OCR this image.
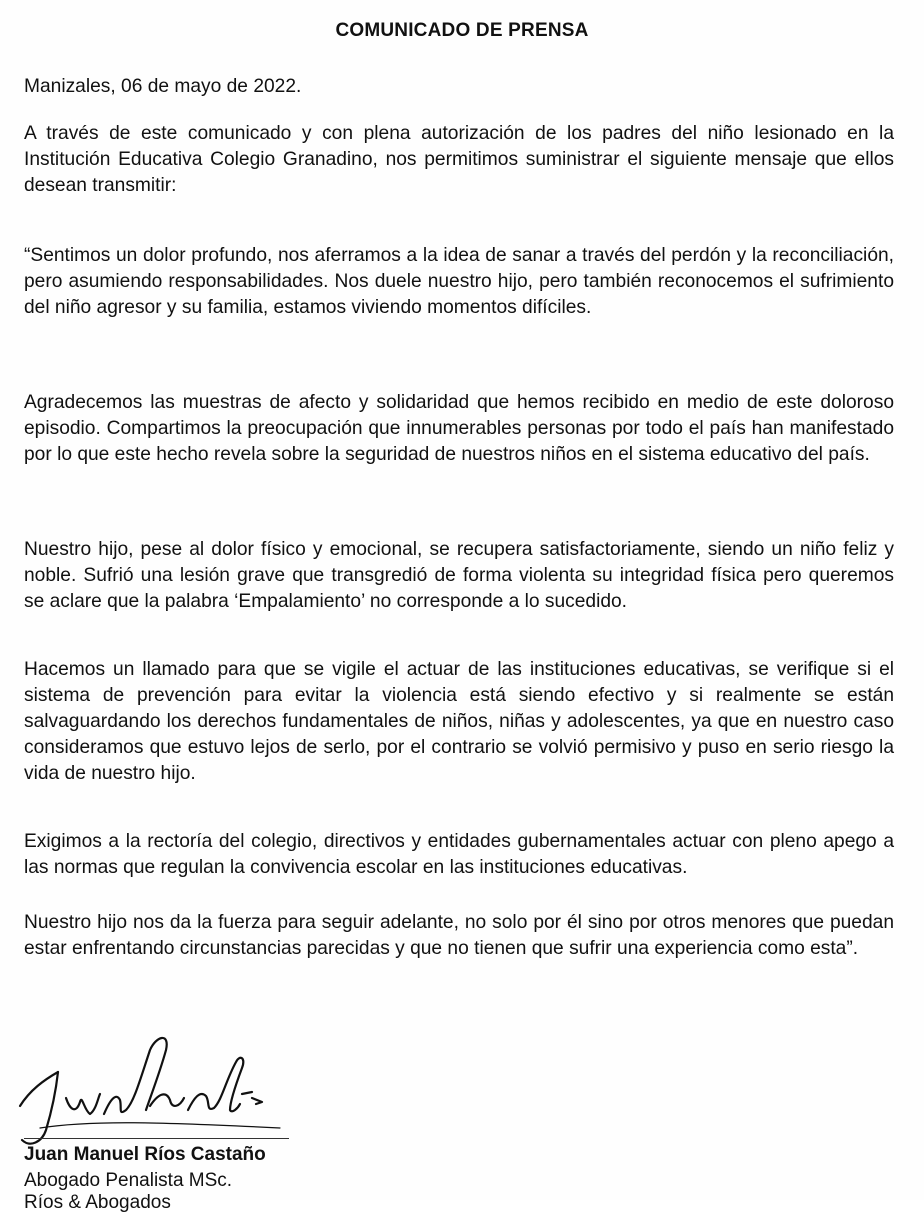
COMUNICADO DE PRENSA
Manizales, 06 de mayo de 2022.
A través de este comunicado y con plena autorización de los padres del niño lesionado en la Institución Educativa Colegio Granadino, nos permitimos suministrar el siguiente mensaje que ellos desean transmitir:
“Sentimos un dolor profundo, nos aferramos a la idea de sanar a través del perdón y la reconciliación, pero asumiendo responsabilidades. Nos duele nuestro hijo, pero también reconocemos el sufrimiento del niño agresor y su familia, estamos viviendo momentos difíciles.
Agradecemos las muestras de afecto y solidaridad que hemos recibido en medio de este doloroso episodio. Compartimos la preocupación que innumerables personas por todo el país han manifestado por lo que este hecho revela sobre la seguridad de nuestros niños en el sistema educativo del país.
Nuestro hijo, pese al dolor físico y emocional, se recupera satisfactoriamente, siendo un niño feliz y noble. Sufrió una lesión grave que transgredió de forma violenta su integridad física pero queremos se aclare que la palabra ‘Empalamiento’ no corresponde a lo sucedido.
Hacemos un llamado para que se vigile el actuar de las instituciones educativas, se verifique si el sistema de prevención para evitar la violencia está siendo efectivo y si realmente se están salvaguardando los derechos fundamentales de niños, niñas y adolescentes, ya que en nuestro caso consideramos que estuvo lejos de serlo, por el contrario se volvió permisivo y puso en serio riesgo la vida de nuestro hijo.
Exigimos a la rectoría del colegio, directivos y entidades gubernamentales actuar con pleno apego a las normas que regulan la convivencia escolar en las instituciones educativas.
Nuestro hijo nos da la fuerza para seguir adelante, no solo por él sino por otros menores que puedan estar enfrentando circunstancias parecidas y que no tienen que sufrir una experiencia como esta”.
Juan Manuel Ríos Castaño
Abogado Penalista MSc.
Ríos & Abogados
